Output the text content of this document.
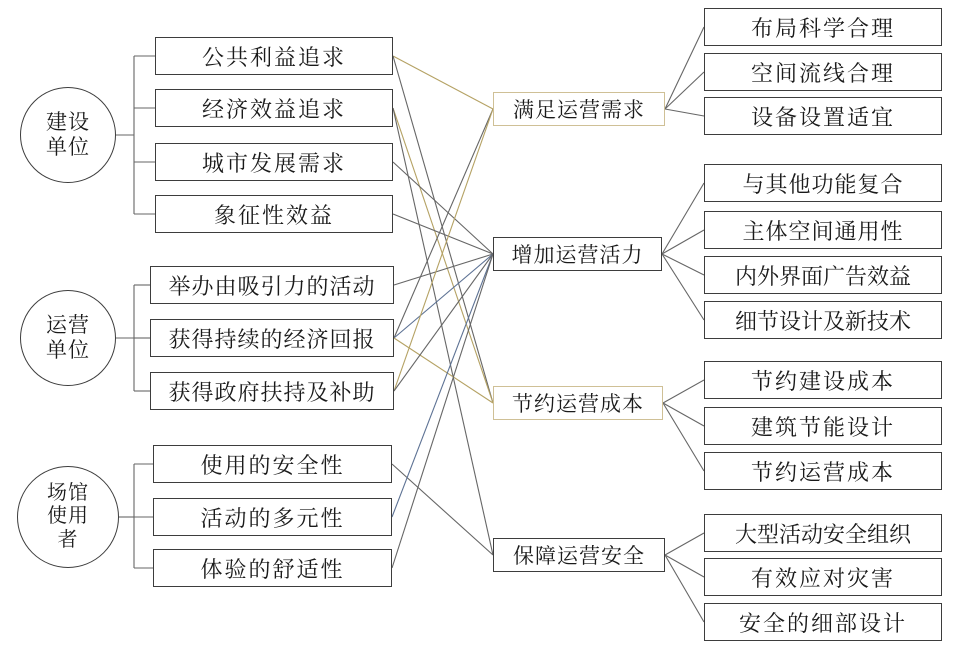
建设
单位
运营
单位
场馆
使用
者
公共利益追求
经济效益追求
城市发展需求
象征性效益
举办由吸引力的活动
获得持续的经济回报
获得政府扶持及补助
使用的安全性
活动的多元性
体验的舒适性
满足运营需求
增加运营活力
节约运营成本
保障运营安全
布局科学合理
空间流线合理
设备设置适宜
与其他功能复合
主体空间通用性
内外界面广告效益
细节设计及新技术
节约建设成本
建筑节能设计
节约运营成本
大型活动安全组织
有效应对灾害
安全的细部设计
